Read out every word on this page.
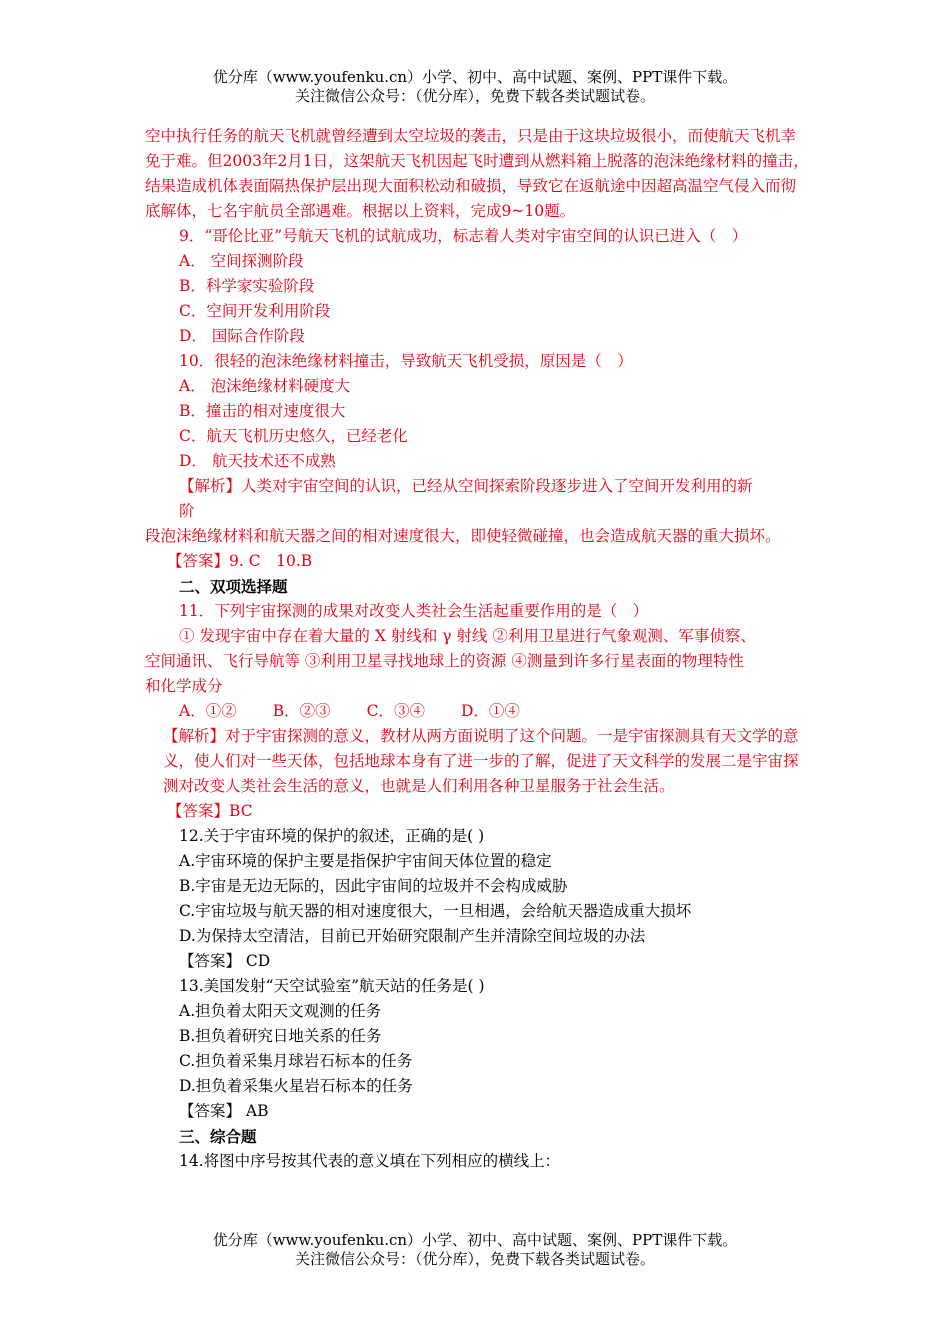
优分库（www.youfenku.cn）小学、初中、高中试题、案例、PPT课件下载。
关注微信公众号：（优分库），免费下载各类试题试卷。

空中执行任务的航天飞机就曾经遭到太空垃圾的袭击，只是由于这块垃圾很小，而使航天飞机幸免于难。但2003年2月1日，这架航天飞机因起飞时遭到从燃料箱上脱落的泡沫绝缘材料的撞击，结果造成机体表面隔热保护层出现大面积松动和破损，导致它在返航途中因超高温空气侵入而彻底解体，七名宇航员全部遇难。根据以上资料，完成9~10题。

9．“哥伦比亚”号航天飞机的试航成功，标志着人类对宇宙空间的认识已进入（　）

A． 空间探测阶段

B．科学家实验阶段

C．空间开发利用阶段

D． 国际合作阶段

10．很轻的泡沫绝缘材料撞击，导致航天飞机受损，原因是（　）

A． 泡沫绝缘材料硬度大

B．撞击的相对速度很大

C．航天飞机历史悠久，已经老化

D． 航天技术还不成熟

【解析】人类对宇宙空间的认识，已经从空间探索阶段逐步进入了空间开发利用的新

阶

段泡沫绝缘材料和航天器之间的相对速度很大，即使轻微碰撞，也会造成航天器的重大损坏。

【答案】9. C　10.B

二、双项选择题

11．下列宇宙探测的成果对改变人类社会生活起重要作用的是（　）

① 发现宇宙中存在着大量的 X 射线和 γ 射线 ②利用卫星进行气象观测、军事侦察、

空间通讯、飞行导航等 ③利用卫星寻找地球上的资源 ④测量到许多行星表面的物理特性

和化学成分

A．①② B．②③ C．③④ D．①④

【解析】对于宇宙探测的意义，教材从两方面说明了这个问题。一是宇宙探测具有天文学的意义，使人们对一些天体，包括地球本身有了进一步的了解，促进了天文科学的发展二是宇宙探测对改变人类社会生活的意义，也就是人们利用各种卫星服务于社会生活。

【答案】BC

12.关于宇宙环境的保护的叙述，正确的是( )

A.宇宙环境的保护主要是指保护宇宙间天体位置的稳定

B.宇宙是无边无际的，因此宇宙间的垃圾并不会构成威胁

C.宇宙垃圾与航天器的相对速度很大，一旦相遇，会给航天器造成重大损坏

D.为保持太空清洁，目前已开始研究限制产生并清除空间垃圾的办法

【答案】 CD

13.美国发射“天空试验室”航天站的任务是( )

A.担负着太阳天文观测的任务

B.担负着研究日地关系的任务

C.担负着采集月球岩石标本的任务

D.担负着采集火星岩石标本的任务

【答案】 AB

三、综合题

14.将图中序号按其代表的意义填在下列相应的横线上：

优分库（www.youfenku.cn）小学、初中、高中试题、案例、PPT课件下载。
关注微信公众号：（优分库），免费下载各类试题试卷。
